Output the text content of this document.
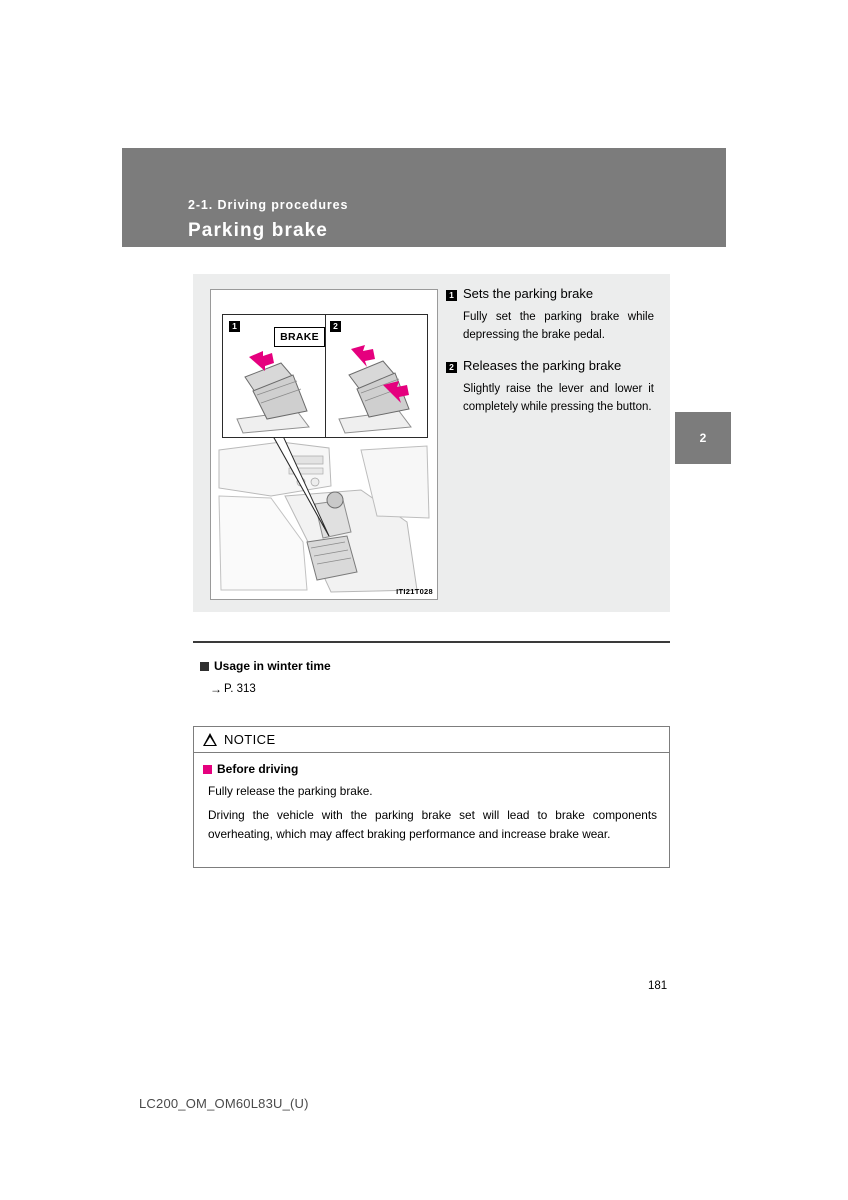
2-1. Driving procedures
Parking brake
2
1	2
BRAKE
ITI21T028
1 Sets the parking brake
Fully set the parking brake while depressing the brake pedal.
2 Releases the parking brake
Slightly raise the lever and lower it completely while pressing the button.
Usage in winter time
→ P. 313
NOTICE
Before driving
Fully release the parking brake.
Driving the vehicle with the parking brake set will lead to brake components overheating, which may affect braking performance and increase brake wear.
181
LC200_OM_OM60L83U_(U)
